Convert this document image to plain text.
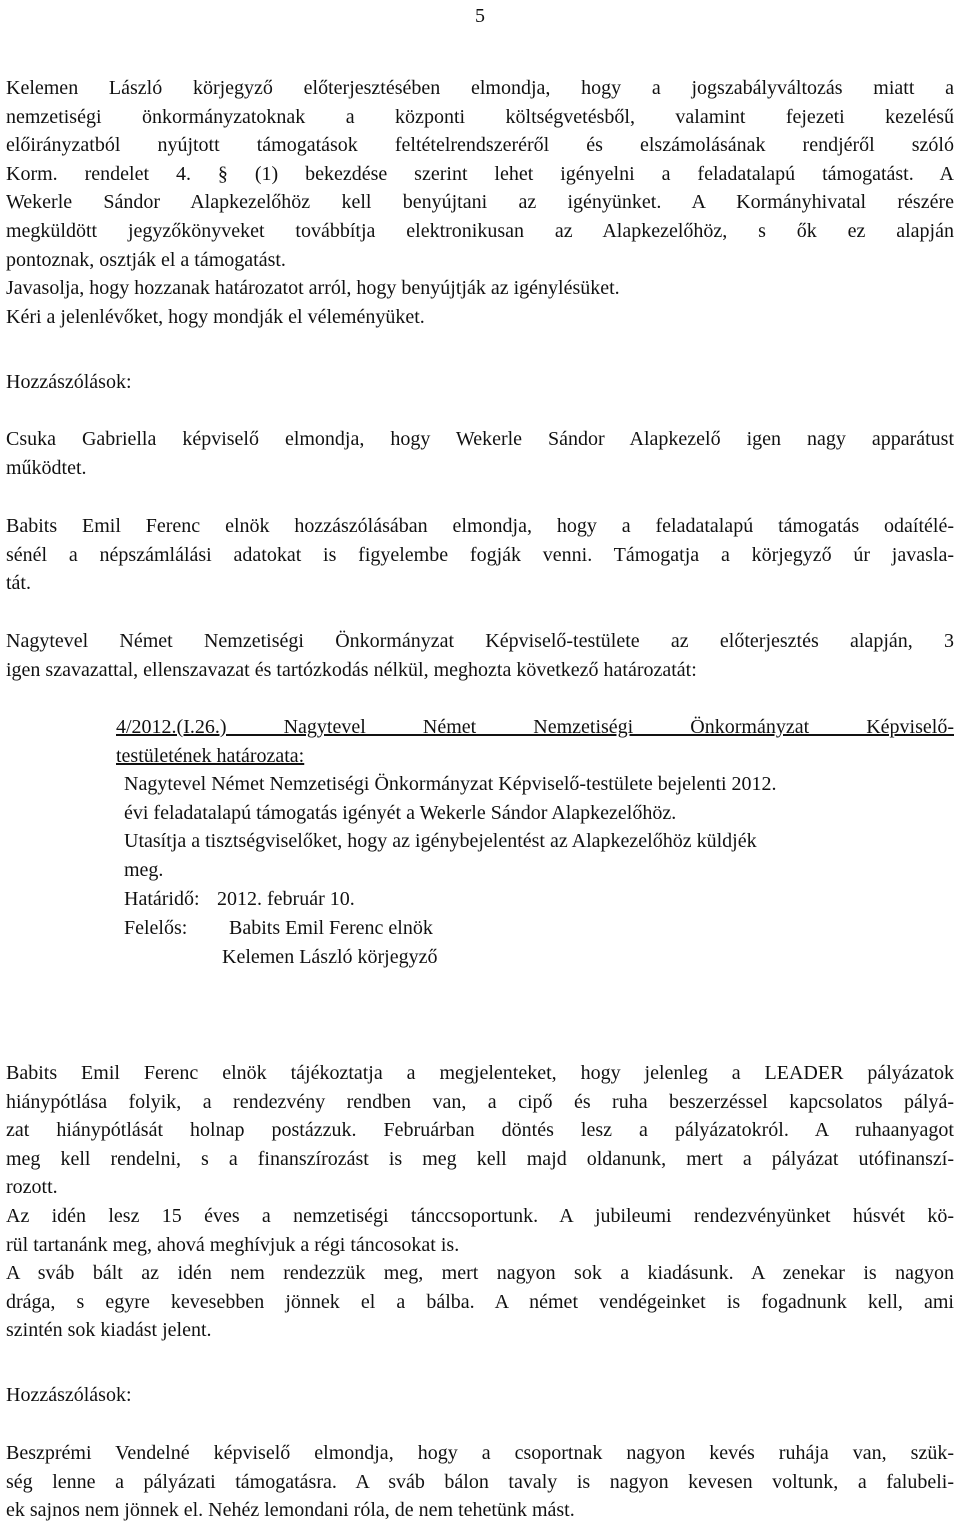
5
Kelemen László körjegyző előterjesztésében elmondja, hogy a jogszabályváltozás miatt a
nemzetiségi önkormányzatoknak a központi költségvetésből, valamint fejezeti kezelésű
előirányzatból nyújtott támogatások feltételrendszeréről és elszámolásának rendjéről szóló
Korm. rendelet 4. § (1) bekezdése szerint lehet igényelni a feladatalapú támogatást. A
Wekerle Sándor Alapkezelőhöz kell benyújtani az igényünket. A Kormányhivatal részére
megküldött jegyzőkönyveket továbbítja elektronikusan az Alapkezelőhöz, s ők ez alapján
pontoznak, osztják el a támogatást.
Javasolja, hogy hozzanak határozatot arról, hogy benyújtják az igénylésüket.
Kéri a jelenlévőket, hogy mondják el véleményüket.
Hozzászólások:
Csuka Gabriella képviselő elmondja, hogy Wekerle Sándor Alapkezelő igen nagy apparátust
működtet.
Babits Emil Ferenc elnök hozzászólásában elmondja, hogy a feladatalapú támogatás odaítélé-
sénél a népszámlálási adatokat is figyelembe fogják venni. Támogatja a körjegyző úr javasla-
tát.
Nagytevel Német Nemzetiségi Önkormányzat Képviselő-testülete az előterjesztés alapján, 3
igen szavazattal, ellenszavazat és tartózkodás nélkül, meghozta következő határozatát:
4/2012.(I.26.) Nagytevel Német Nemzetiségi Önkormányzat Képviselő-
testületének határozata:
Nagytevel Német Nemzetiségi Önkormányzat Képviselő-testülete bejelenti 2012.
évi feladatalapú támogatás igényét a Wekerle Sándor Alapkezelőhöz.
Utasítja a tisztségviselőket, hogy az igénybejelentést az Alapkezelőhöz küldjék
meg.
Határidő: 2012. február 10.
Felelős: Babits Emil Ferenc elnök
Kelemen László körjegyző
Babits Emil Ferenc elnök tájékoztatja a megjelenteket, hogy jelenleg a LEADER pályázatok
hiánypótlása folyik, a rendezvény rendben van, a cipő és ruha beszerzéssel kapcsolatos pályá-
zat hiánypótlását holnap postázzuk. Februárban döntés lesz a pályázatokról. A ruhaanyagot
meg kell rendelni, s a finanszírozást is meg kell majd oldanunk, mert a pályázat utófinanszí-
rozott.
Az idén lesz 15 éves a nemzetiségi tánccsoportunk. A jubileumi rendezvényünket húsvét kö-
rül tartanánk meg, ahová meghívjuk a régi táncosokat is.
A sváb bált az idén nem rendezzük meg, mert nagyon sok a kiadásunk. A zenekar is nagyon
drága, s egyre kevesebben jönnek el a bálba. A német vendégeinket is fogadnunk kell, ami
szintén sok kiadást jelent.
Hozzászólások:
Beszprémi Vendelné képviselő elmondja, hogy a csoportnak nagyon kevés ruhája van, szük-
ség lenne a pályázati támogatásra. A sváb bálon tavaly is nagyon kevesen voltunk, a falubeli-
ek sajnos nem jönnek el. Nehéz lemondani róla, de nem tehetünk mást.
